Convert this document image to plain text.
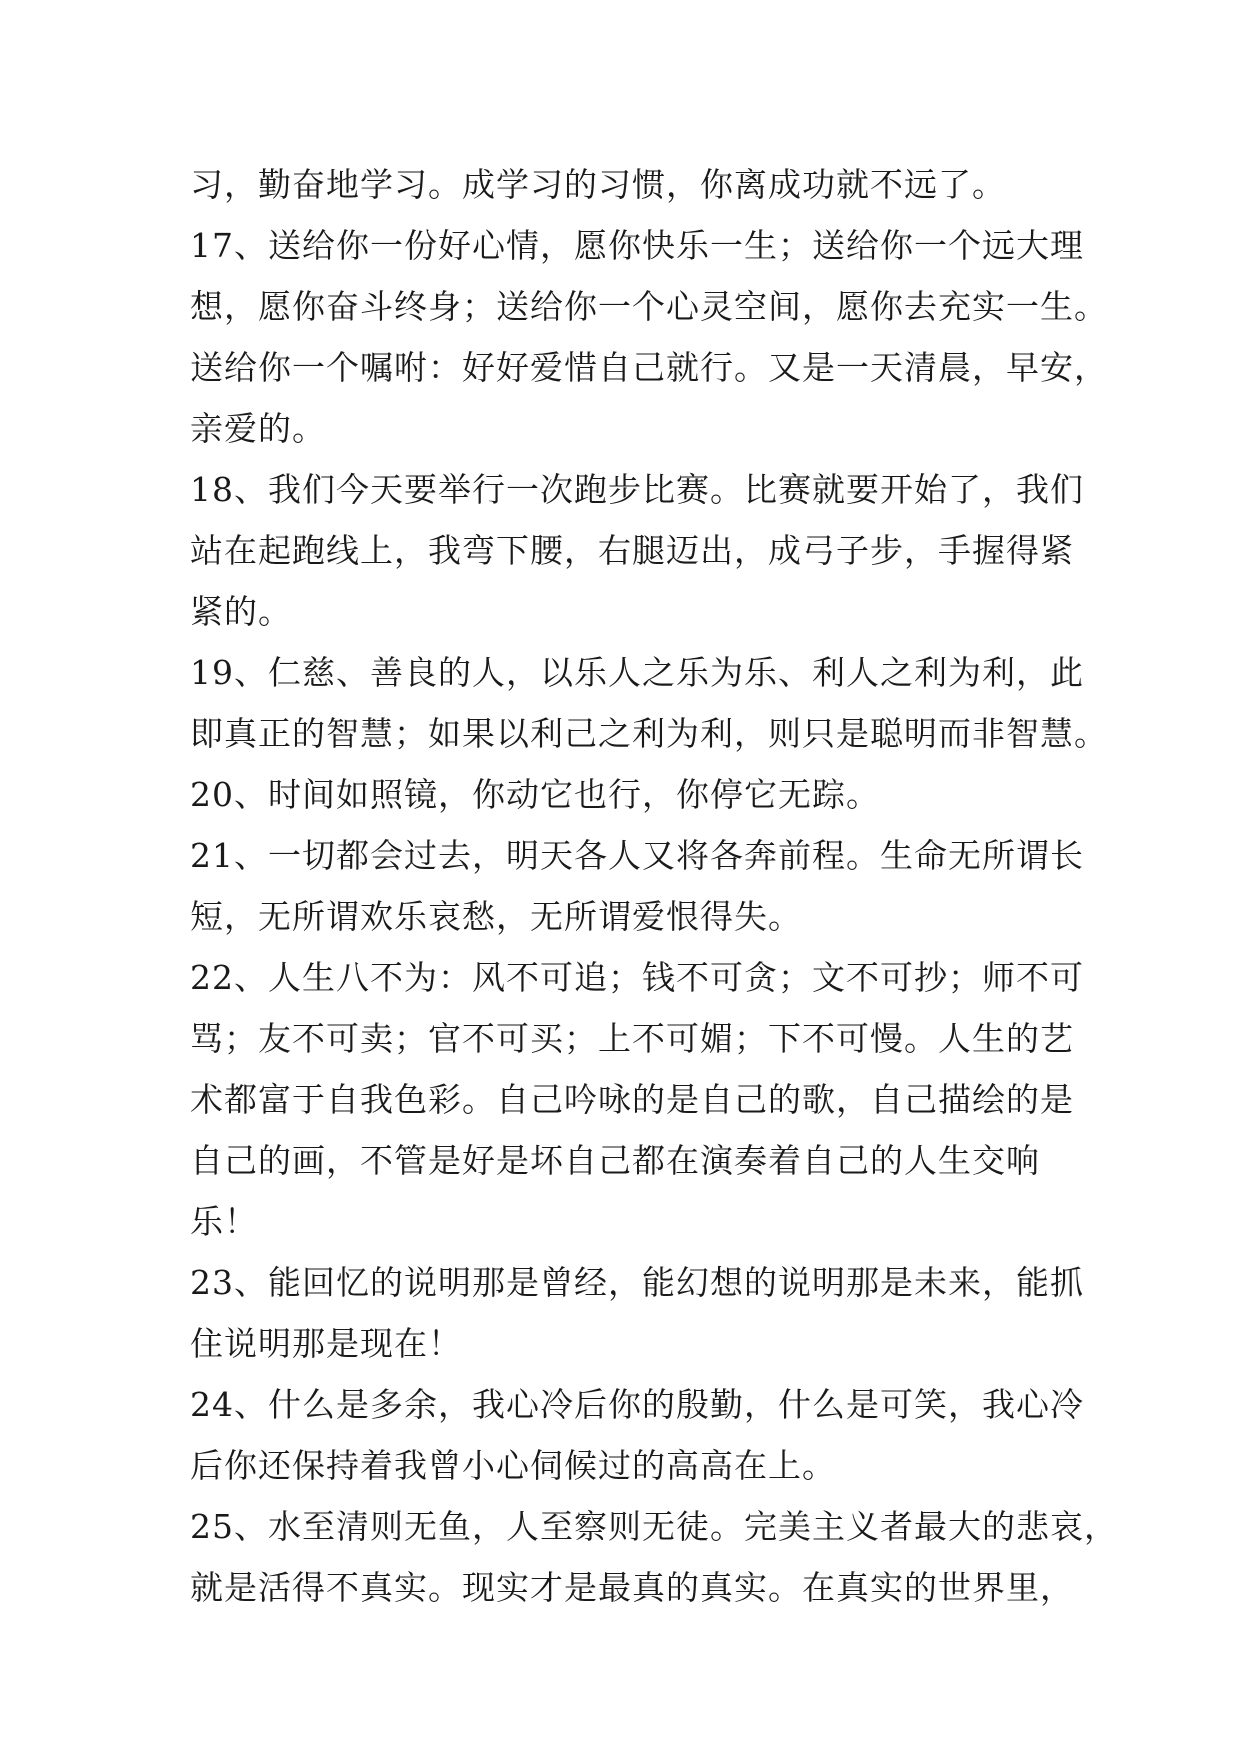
习，勤奋地学习。成学习的习惯，你离成功就不远了。
17、送给你一份好心情，愿你快乐一生；送给你一个远大理
想，愿你奋斗终身；送给你一个心灵空间，愿你去充实一生。
送给你一个嘱咐：好好爱惜自己就行。又是一天清晨，早安，
亲爱的。
18、我们今天要举行一次跑步比赛。比赛就要开始了，我们
站在起跑线上，我弯下腰，右腿迈出，成弓子步，手握得紧
紧的。
19、仁慈、善良的人，以乐人之乐为乐、利人之利为利，此
即真正的智慧；如果以利己之利为利，则只是聪明而非智慧。
20、时间如照镜，你动它也行，你停它无踪。
21、一切都会过去，明天各人又将各奔前程。生命无所谓长
短，无所谓欢乐哀愁，无所谓爱恨得失。
22、人生八不为：风不可追；钱不可贪；文不可抄；师不可
骂；友不可卖；官不可买；上不可媚；下不可慢。人生的艺
术都富于自我色彩。自己吟咏的是自己的歌，自己描绘的是
自己的画，不管是好是坏自己都在演奏着自己的人生交响
乐！
23、能回忆的说明那是曾经，能幻想的说明那是未来，能抓
住说明那是现在！
24、什么是多余，我心冷后你的殷勤，什么是可笑，我心冷
后你还保持着我曾小心伺候过的高高在上。
25、水至清则无鱼，人至察则无徒。完美主义者最大的悲哀，
就是活得不真实。现实才是最真的真实。在真实的世界里，
